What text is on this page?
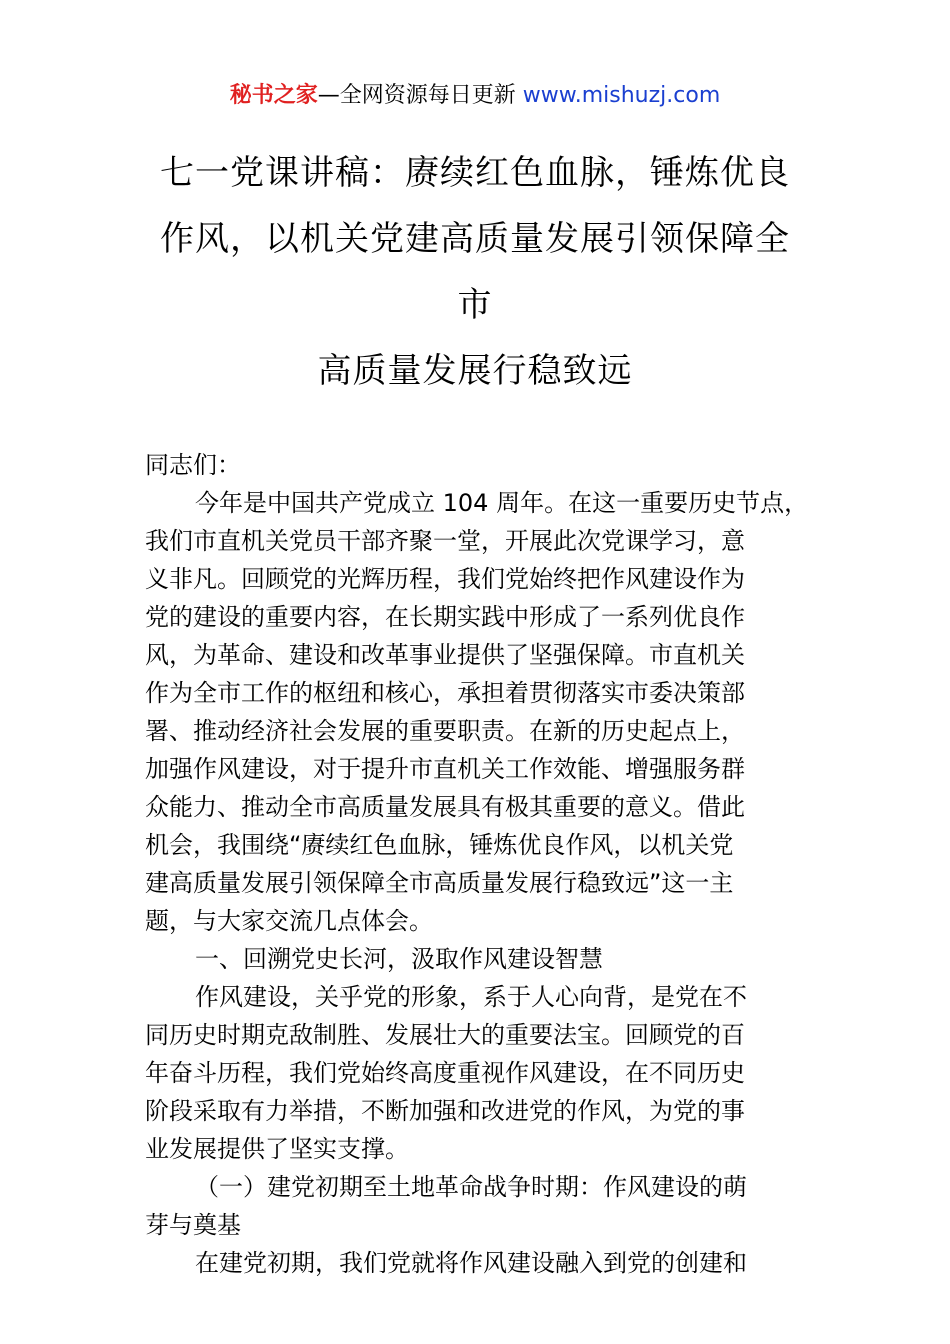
秘书之家—全网资源每日更新 www.mishuzj.com
七一党课讲稿：赓续红色血脉，锤炼优良
作风，以机关党建高质量发展引领保障全
市
高质量发展行稳致远
同志们：
今年是中国共产党成立 104 周年。在这一重要历史节点，
我们市直机关党员干部齐聚一堂，开展此次党课学习，意
义非凡。回顾党的光辉历程，我们党始终把作风建设作为
党的建设的重要内容，在长期实践中形成了一系列优良作
风，为革命、建设和改革事业提供了坚强保障。市直机关
作为全市工作的枢纽和核心，承担着贯彻落实市委决策部
署、推动经济社会发展的重要职责。在新的历史起点上，
加强作风建设，对于提升市直机关工作效能、增强服务群
众能力、推动全市高质量发展具有极其重要的意义。借此
机会，我围绕“赓续红色血脉，锤炼优良作风，以机关党
建高质量发展引领保障全市高质量发展行稳致远”这一主
题，与大家交流几点体会。
一、回溯党史长河，汲取作风建设智慧
作风建设，关乎党的形象，系于人心向背，是党在不
同历史时期克敌制胜、发展壮大的重要法宝。回顾党的百
年奋斗历程，我们党始终高度重视作风建设，在不同历史
阶段采取有力举措，不断加强和改进党的作风，为党的事
业发展提供了坚实支撑。
（一）建党初期至土地革命战争时期：作风建设的萌
芽与奠基
在建党初期，我们党就将作风建设融入到党的创建和
